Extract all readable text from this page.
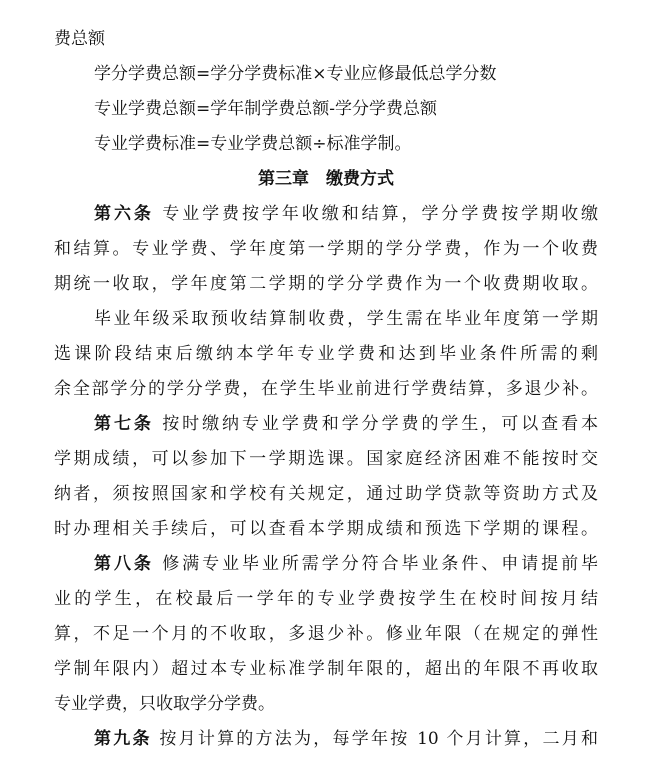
费总额
学分学费总额=学分学费标准×专业应修最低总学分数
专业学费总额=学年制学费总额-学分学费总额
专业学费标准=专业学费总额÷标准学制。
第三章　缴费方式
第六条 专业学费按学年收缴和结算，学分学费按学期收缴
和结算。专业学费、学年度第一学期的学分学费，作为一个收费
期统一收取，学年度第二学期的学分学费作为一个收费期收取。
毕业年级采取预收结算制收费，学生需在毕业年度第一学期
选课阶段结束后缴纳本学年专业学费和达到毕业条件所需的剩
余全部学分的学分学费，在学生毕业前进行学费结算，多退少补。
第七条 按时缴纳专业学费和学分学费的学生，可以查看本
学期成绩，可以参加下一学期选课。国家庭经济困难不能按时交
纳者，须按照国家和学校有关规定，通过助学贷款等资助方式及
时办理相关手续后，可以查看本学期成绩和预选下学期的课程。
第八条 修满专业毕业所需学分符合毕业条件、申请提前毕
业的学生，在校最后一学年的专业学费按学生在校时间按月结
算，不足一个月的不收取，多退少补。修业年限（在规定的弹性
学制年限内）超过本专业标准学制年限的，超出的年限不再收取
专业学费，只收取学分学费。
第九条 按月计算的方法为，每学年按 10 个月计算，二月和
